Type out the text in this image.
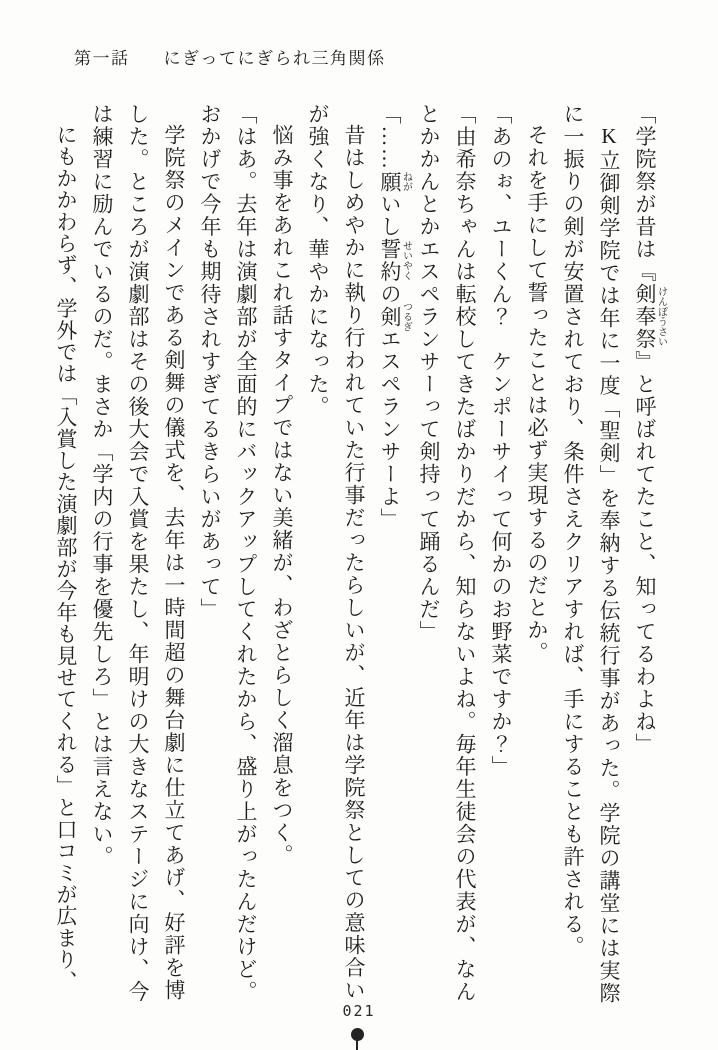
第一話 にぎってにぎられ三角関係

「学院祭が昔は『剣奉祭けんぽうさい』と呼ばれてたこと、知ってるわよね」

K立御剣学院では年に一度「聖剣」を奉納する伝統行事があった。学院の講堂には実際に一振りの剣が安置されており、条件さえクリアすれば、手にすることも許される。

それを手にして誓ったことは必ず実現するのだとか。

「あのぉ、ユーくん？　ケンポーサイって何かのお野菜ですか？」

「由希奈ちゃんは転校してきたばかりだから、知らないよね。毎年生徒会の代表が、なんとかかんとかエスペランサーって剣持って踊るんだ」

「……願ねがいし誓約せいやくの剣つるぎエスペランサーよ」

昔はしめやかに執り行われていた行事だったらしいが、近年は学院祭としての意味合いが強くなり、華やかになった。

悩み事をあれこれ話すタイプではない美緒が、わざとらしく溜息をつく。

「はあ。去年は演劇部が全面的にバックアップしてくれたから、盛り上がったんだけど。おかげで今年も期待されすぎてるきらいがあって」

学院祭のメインである剣舞の儀式を、去年は一時間超の舞台劇に仕立てあげ、好評を博した。ところが演劇部はその後大会で入賞を果たし、年明けの大きなステージに向け、今は練習に励んでいるのだ。まさか「学内の行事を優先しろ」とは言えない。

にもかかわらず、学外では「入賞した演劇部が今年も見せてくれる」と口コミが広まり、

021
